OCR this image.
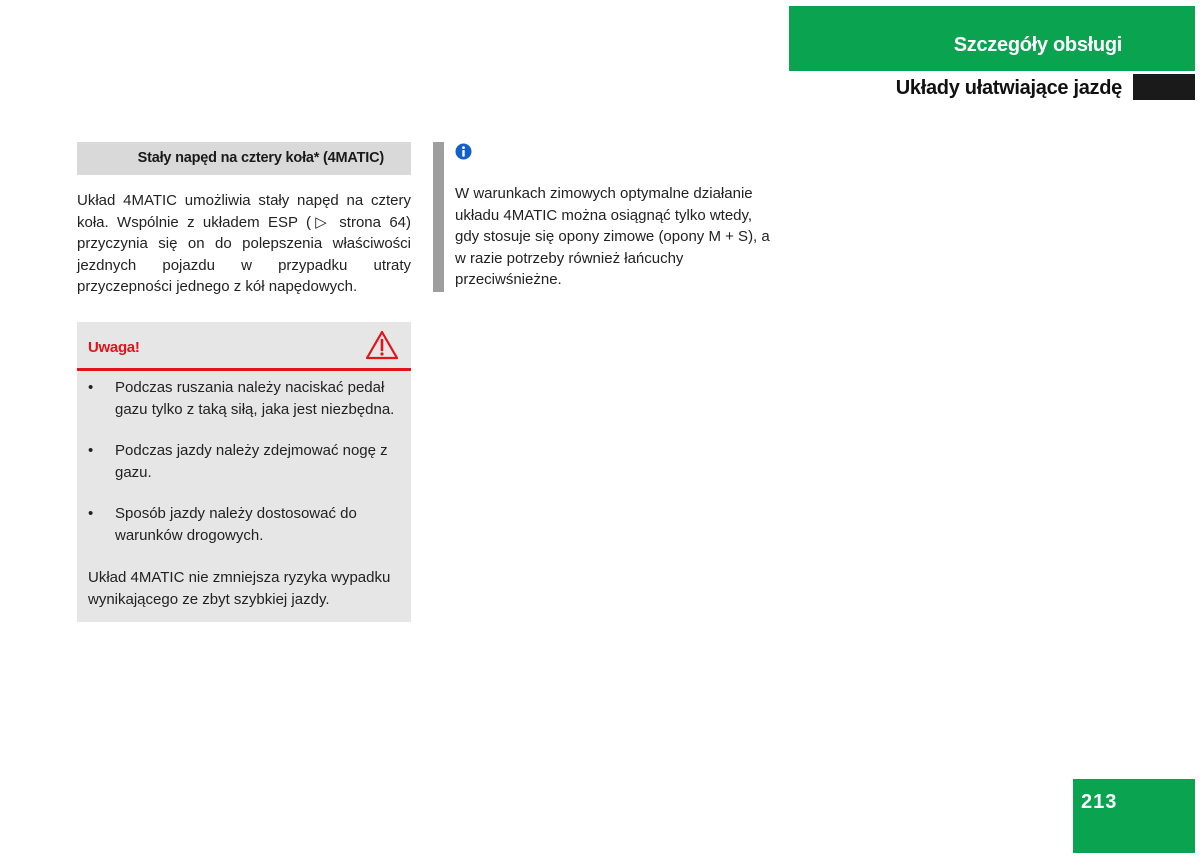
Szczegóły obsługi
Układy ułatwiające jazdę
Stały napęd na cztery koła* (4MATIC)

Układ 4MATIC umożliwia stały napęd na cztery koła. Wspólnie z układem ESP (▷ strona 64) przyczynia się on do polepszenia właściwości jezdnych pojazdu w przypadku utraty przyczepności jednego z kół napędowych.

Uwaga!
• Podczas ruszania należy naciskać pedał gazu tylko z taką siłą, jaka jest niezbędna.
• Podczas jazdy należy zdejmować nogę z gazu.
• Sposób jazdy należy dostosować do warunków drogowych.

Układ 4MATIC nie zmniejsza ryzyka wypadku wynikającego ze zbyt szybkiej jazdy.

W warunkach zimowych optymalne działanie układu 4MATIC można osiągnąć tylko wtedy, gdy stosuje się opony zimowe (opony M + S), a w razie potrzeby również łańcuchy przeciwśnieżne.

213
